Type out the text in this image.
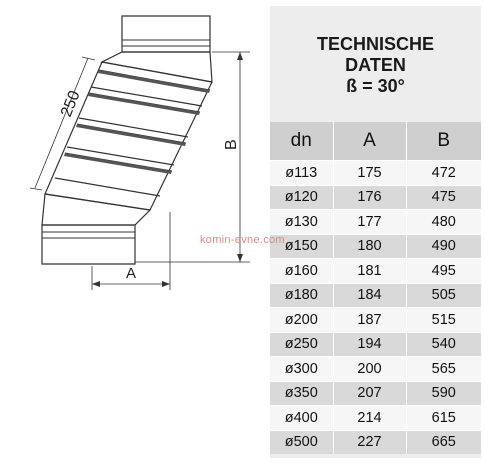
250
B
A
TECHNISCHE
DATEN
ß = 30°
dn	A	B
ø113	175	472
ø120	176	475
ø130	177	480
ø150	180	490
ø160	181	495
ø180	184	505
ø200	187	515
ø250	194	540
ø300	200	565
ø350	207	590
ø400	214	615
ø500	227	665
komin-evne.com
